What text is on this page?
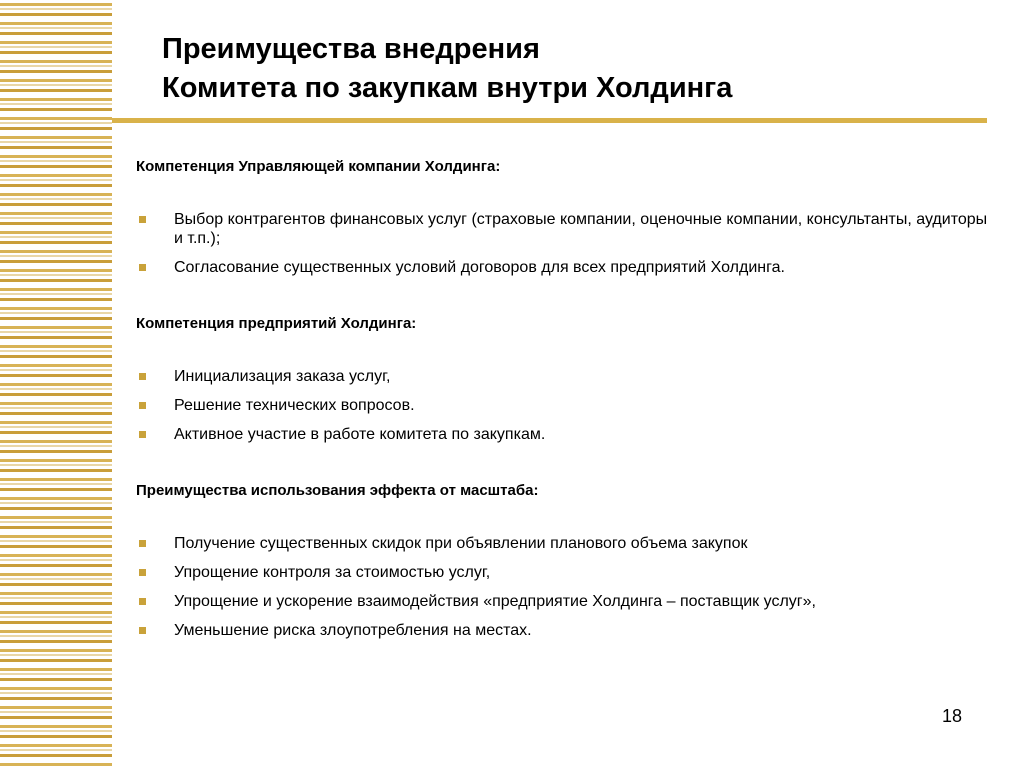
Преимущества внедрения
Комитета по закупкам внутри Холдинга

Компетенция Управляющей компании Холдинга:

Выбор контрагентов финансовых услуг (страховые компании, оценочные компании, консультанты, аудиторы и т.п.);
Согласование существенных условий договоров для всех предприятий Холдинга.

Компетенция предприятий Холдинга:

Инициализация заказа услуг,
Решение технических вопросов.
Активное участие в работе комитета по закупкам.

Преимущества использования эффекта от масштаба:

Получение существенных скидок при объявлении планового объема закупок
Упрощение контроля за стоимостью услуг,
Упрощение и ускорение взаимодействия «предприятие Холдинга – поставщик услуг»,
Уменьшение риска злоупотребления на местах.
18
